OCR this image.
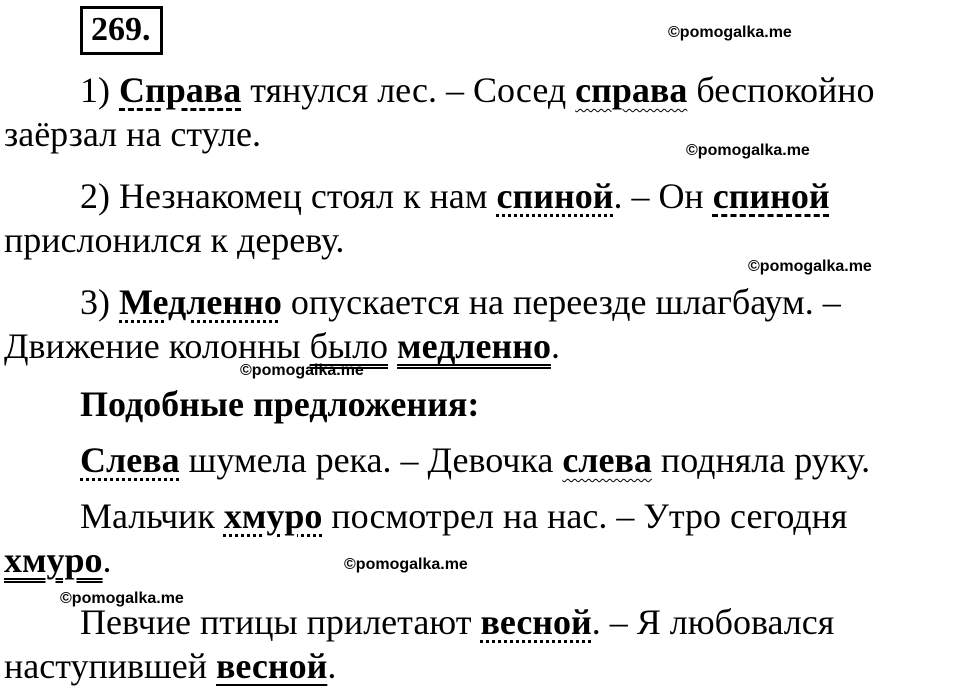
269.	©pomogalka.me
©pomogalka.me
©pomogalka.me
©pomogalka.me
©pomogalka.me
©pomogalka.me

1) Справа тянулся лес. – Сосед справа беспокойно

заёрзал на стуле.

2) Незнакомец стоял к нам спиной. – Он спиной

прислонился к дереву.

3) Медленно опускается на переезде шлагбаум. –

Движение колонны было медленно.

Подобные предложения:

Слева шумела река. – Девочка слева подняла руку.

Мальчик хмуро посмотрел на нас. – Утро сегодня

хмуро.

Певчие птицы прилетают весной. – Я любовался

наступившей весной.
